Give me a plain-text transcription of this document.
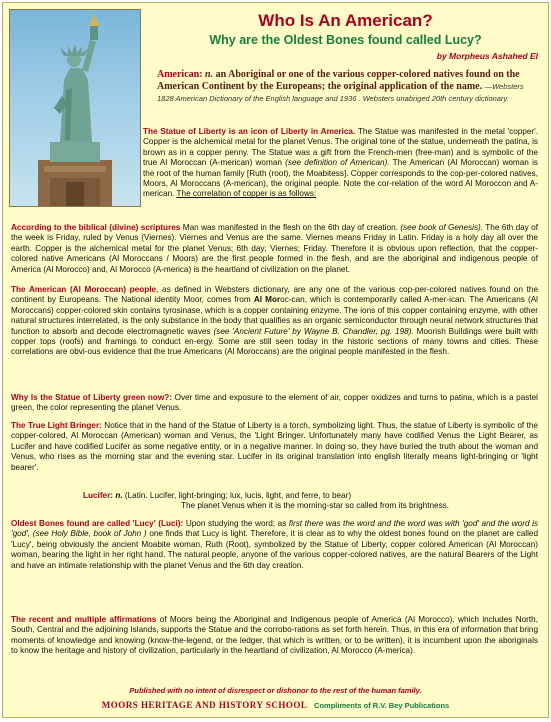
Who Is An American?
Why are the Oldest Bones found called Lucy?
by Morpheus Ashahed El
American: n. an Aboriginal or one of the various copper-colored natives found on the American Continent by the Europeans; the original application of the name. —Websters 1828 American Dictionary of the English language and 1936 . Websters unabriged 20th century dictionary.
The Statue of Liberty is an icon of Liberty in America. The Statue was manifested in the metal 'copper'. Copper is the alchemical metal for the planet Venus. The original tone of the statue, underneath the patina, is brown as in a copper penny. The Statue was a gift from the French-men (free-man) and is symbolic of the true Al Moroccan (A-merican) woman (see definition of American). The American (Al Moroccan) woman is the root of the human family [Ruth (root), the Moabitess]. Copper corresponds to the cop-per-colored natives, Moors, Al Moroccans (A-merican), the original people. Note the cor-relation of the word Al Moroccon and A-merican. The correlation of copper is as follows:
According to the biblical (divine) scriptures Man was manifested in the flesh on the 6th day of creation. (see book of Genesis). The 6th day of the week is Friday, ruled by Venus (Viernes). Viernes and Venus are the same. Viernes means Friday in Latin. Friday is a holy day all over the earth. Copper is the alchemical metal for the planet Venus; 6th day; Viernes; Friday. Therefore it is obvious upon reflection, that the copper-colored native Americans (Al Moroccans / Moors) are the first people formed in the flesh, and are the aboriginal and indigenous people of America (Al Morocco) and, Al Morocco (A-merica) is the heartland of civilization on the planet.
The American (Al Moroccan) people, as defined in Websters dictionary, are any one of the various cop-per-colored natives found on the continent by Europeans. The National identity Moor, comes from Al Moroc-can, which is contemporarily called A-mer-ican. The Americans (Al Moroccans) copper-colored skin contains tyrosinase, which is a copper containing enzyme. The ions of this copper containing enzyme, with other natural structures interrelated, is the only substance in the body that qualifies as an organic semiconductor through neural network structures that function to absorb and decode electromagnetic waves (see 'Ancient Future' by Wayne B. Chandler, pg. 198). Moorish Buildings were built with copper tops (roofs) and framings to conduct en-ergy. Some are still seen today in the historic sections of many towns and cities. These correlations are obvi-ous evidence that the true Americans (Al Moroccans) are the original people manifested in the flesh.
Why Is the Statue of Liberty green now?: Over time and exposure to the element of air, copper oxidizes and turns to patina, which is a pastel green, the color representing the planet Venus.
The True Light Bringer: Notice that in the hand of the Statue of Liberty is a torch, symbolizing light. Thus, the statue of Liberty is symbolic of the copper-colored, Al Moroccan (American) woman and Venus, the 'Light Bringer. Unfortunately many have codified Venus the Light Bearer, as Lucifer and have codified Lucifer as some negative entity, or in a negative manner. In doing so, they have buried the truth about the woman and Venus, who rises as the morning star and the evening star. Lucifer in its original translation into english literally means light-bringing or 'light bearer'.
Lucifer: n. (Latin. Lucifer, light-bringing; lux, lucis, light, and ferre, to bear)
The planet Venus when it is the morning-star so called from its brightness.
Oldest Bones found are called 'Lucy' (Luci): Upon studying the word; as first there was the word and the word was with 'god' and the word is 'god', (see Holy Bible, book of John ) one finds that Lucy is light. Therefore, it is clear as to why the oldest bones found on the planet are called 'Lucy', being obviously the ancient Moabite woman, Ruth (Root), symbolized by the Statue of Liberty, copper colored American (Al Moroccan) woman, bearing the light in her right hand. The natural people, anyone of the various copper-colored natives, are the natural Bearers of the Light and have an intimate relationship with the planet Venus and the 6th day creation.
The recent and multiple affirmations of Moors being the Aboriginal and Indigenous people of America (Al Morocco), which includes North, South, Central and the adjoining Islands, supports the Statue and the corrobo-rations as set forth herein. Thus, in this era of information that bring moments of knowledge and knowing (know-the-legend, or the ledger, that which is written, or to be written), it is incumbent upon the aboriginals to know the heritage and history of civilization, particularly in the heartland of civilization, Al Morocco (A-merica).
Published with no intent of disrespect or dishonor to the rest of the human family.
MOORS HERITAGE AND HISTORY SCHOOL Compliments of R.V. Bey Publications
